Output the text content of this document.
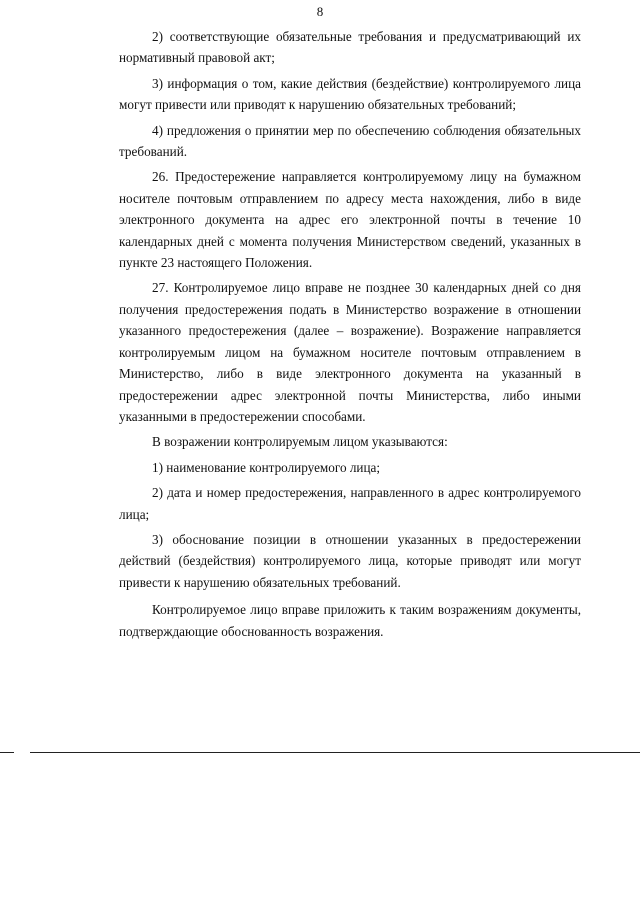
8

2) соответствующие обязательные требования и предусматривающий их нормативный правовой акт;

3) информация о том, какие действия (бездействие) контролируемого лица могут привести или приводят к нарушению обязательных требований;

4) предложения о принятии мер по обеспечению соблюдения обязательных требований.

26. Предостережение направляется контролируемому лицу на бумажном носителе почтовым отправлением по адресу места нахождения, либо в виде электронного документа на адрес его электронной почты в течение 10 календарных дней с момента получения Министерством сведений, указанных в пункте 23 настоящего Положения.

27. Контролируемое лицо вправе не позднее 30 календарных дней со дня получения предостережения подать в Министерство возражение в отношении указанного предостережения (далее – возражение). Возражение направляется контролируемым лицом на бумажном носителе почтовым отправлением в Министерство, либо в виде электронного документа на указанный в предостережении адрес электронной почты Министерства, либо иными указанными в предостережении способами.

В возражении контролируемым лицом указываются:

1) наименование контролируемого лица;

2) дата и номер предостережения, направленного в адрес контролируемого лица;

3) обоснование позиции в отношении указанных в предостережении действий (бездействия) контролируемого лица, которые приводят или могут привести к нарушению обязательных требований.

Контролируемое лицо вправе приложить к таким возражениям документы, подтверждающие обоснованность возражения.
